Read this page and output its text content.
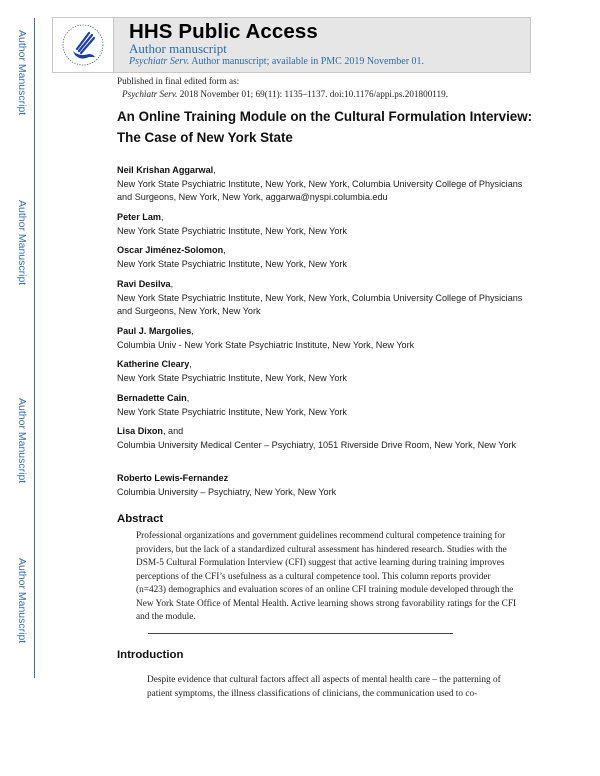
Author Manuscript
Author Manuscript
Author Manuscript
Author Manuscript
HHS Public Access
Author manuscript
Psychiatr Serv. Author manuscript; available in PMC 2019 November 01.
Published in final edited form as:
Psychiatr Serv. 2018 November 01; 69(11): 1135–1137. doi:10.1176/appi.ps.201800119.
An Online Training Module on the Cultural Formulation Interview: The Case of New York State
Neil Krishan Aggarwal,
New York State Psychiatric Institute, New York, New York, Columbia University College of Physicians and Surgeons, New York, New York, aggarwa@nyspi.columbia.edu
Peter Lam,
New York State Psychiatric Institute, New York, New York
Oscar Jiménez-Solomon,
New York State Psychiatric Institute, New York, New York
Ravi Desilva,
New York State Psychiatric Institute, New York, New York, Columbia University College of Physicians and Surgeons, New York, New York
Paul J. Margolies,
Columbia Univ - New York State Psychiatric Institute, New York, New York
Katherine Cleary,
New York State Psychiatric Institute, New York, New York
Bernadette Cain,
New York State Psychiatric Institute, New York, New York
Lisa Dixon, and
Columbia University Medical Center – Psychiatry, 1051 Riverside Drive Room, New York, New York
Roberto Lewis-Fernandez
Columbia University – Psychiatry, New York, New York
Abstract
Professional organizations and government guidelines recommend cultural competence training for providers, but the lack of a standardized cultural assessment has hindered research. Studies with the DSM-5 Cultural Formulation Interview (CFI) suggest that active learning during training improves perceptions of the CFI’s usefulness as a cultural competence tool. This column reports provider (n=423) demographics and evaluation scores of an online CFI training module developed through the New York State Office of Mental Health. Active learning shows strong favorability ratings for the CFI and the module.
Introduction
Despite evidence that cultural factors affect all aspects of mental health care – the patterning of patient symptoms, the illness classifications of clinicians, the communication used to co-
